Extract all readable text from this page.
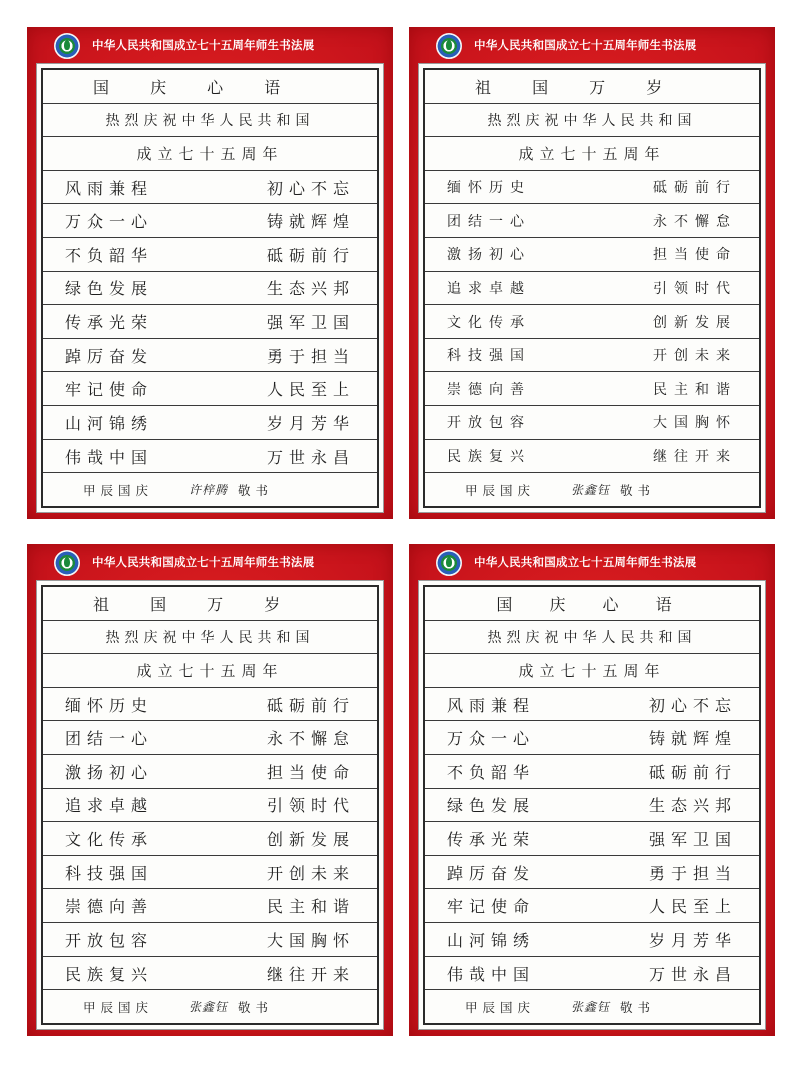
中华人民共和国成立七十五周年师生书法展
国 庆 心 语
热烈庆祝中华人民共和国
成立七十五周年
风雨兼程	初心不忘
万众一心	铸就辉煌
不负韶华	砥砺前行
绿色发展	生态兴邦
传承光荣	强军卫国
踔厉奋发	勇于担当
牢记使命	人民至上
山河锦绣	岁月芳华
伟哉中国	万世永昌
甲辰国庆	许梓腾 敬书
中华人民共和国成立七十五周年师生书法展
祖 国 万 岁
热烈庆祝中华人民共和国
成立七十五周年
缅怀历史	砥砺前行
团结一心	永不懈怠
激扬初心	担当使命
追求卓越	引领时代
文化传承	创新发展
科技强国	开创未来
崇德向善	民主和谐
开放包容	大国胸怀
民族复兴	继往开来
甲辰国庆	张鑫钰 敬书
中华人民共和国成立七十五周年师生书法展
祖 国 万 岁
热烈庆祝中华人民共和国
成立七十五周年
缅怀历史	砥砺前行
团结一心	永不懈怠
激扬初心	担当使命
追求卓越	引领时代
文化传承	创新发展
科技强国	开创未来
崇德向善	民主和谐
开放包容	大国胸怀
民族复兴	继往开来
甲辰国庆	张鑫钰 敬书
中华人民共和国成立七十五周年师生书法展
国 庆 心 语
热烈庆祝中华人民共和国
成立七十五周年
风雨兼程	初心不忘
万众一心	铸就辉煌
不负韶华	砥砺前行
绿色发展	生态兴邦
传承光荣	强军卫国
踔厉奋发	勇于担当
牢记使命	人民至上
山河锦绣	岁月芳华
伟哉中国	万世永昌
甲辰国庆	张鑫钰 敬书
